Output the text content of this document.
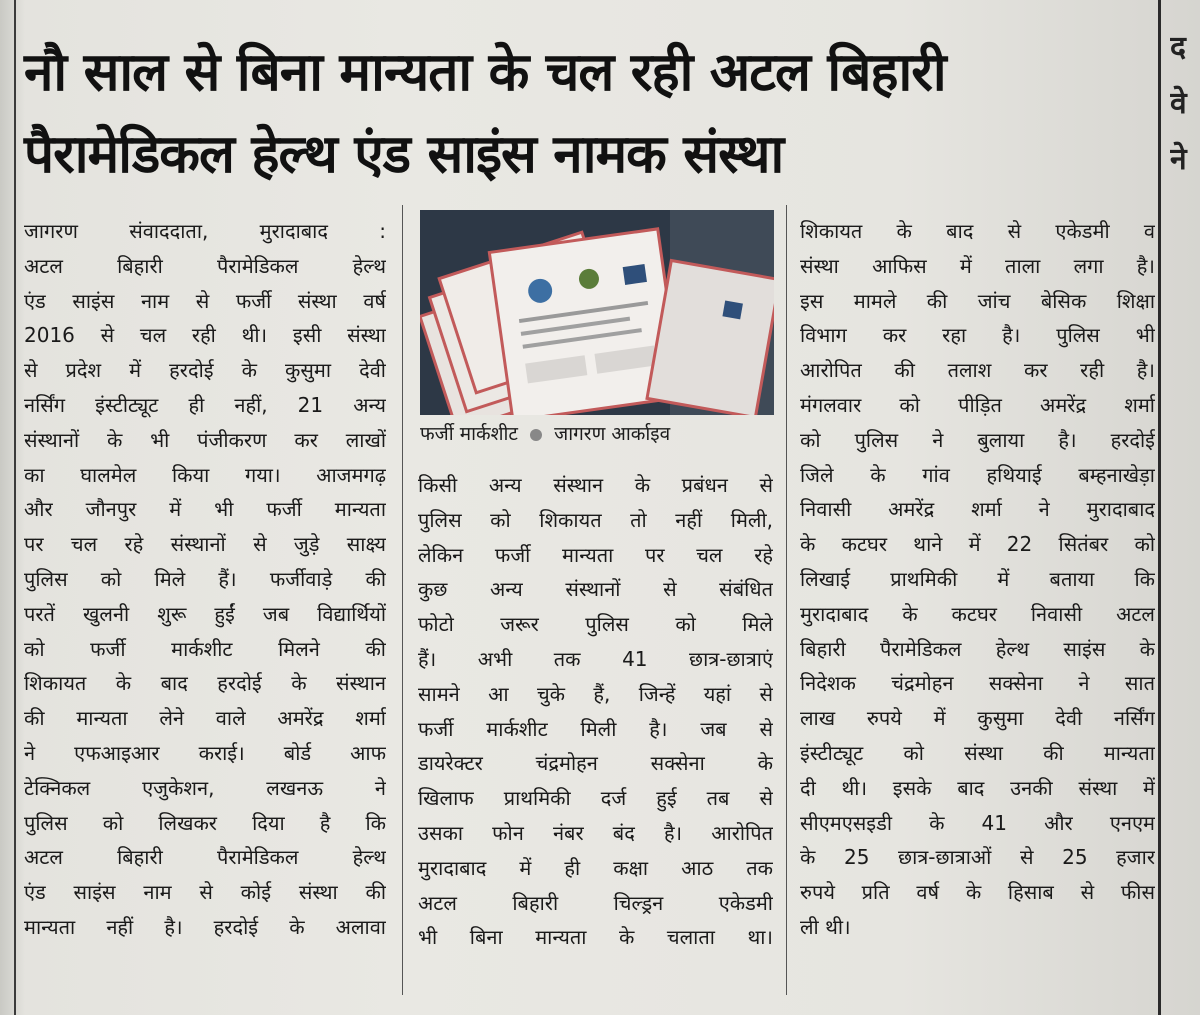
नौ साल से बिना मान्यता के चल रही अटल बिहारी
पैरामेडिकल हेल्थ एंड साइंस नामक संस्था
जागरण संवाददाता, मुरादाबाद :
अटल बिहारी पैरामेडिकल हेल्थ
एंड साइंस नाम से फर्जी संस्था वर्ष
2016 से चल रही थी। इसी संस्था
से प्रदेश में हरदोई के कुसुमा देवी
नर्सिंग इंस्टीट्यूट ही नहीं, 21 अन्य
संस्थानों के भी पंजीकरण कर लाखों
का घालमेल किया गया। आजमगढ़
और जौनपुर में भी फर्जी मान्यता
पर चल रहे संस्थानों से जुड़े साक्ष्य
पुलिस को मिले हैं। फर्जीवाड़े की
परतें खुलनी शुरू हुईं जब विद्यार्थियों
को फर्जी मार्कशीट मिलने की
शिकायत के बाद हरदोई के संस्थान
की मान्यता लेने वाले अमरेंद्र शर्मा
ने एफआइआर कराई। बोर्ड आफ
टेक्निकल एजुकेशन, लखनऊ ने
पुलिस को लिखकर दिया है कि
अटल बिहारी पैरामेडिकल हेल्थ
एंड साइंस नाम से कोई संस्था की
मान्यता नहीं है। हरदोई के अलावा
फर्जी मार्कशीट जागरण आर्काइव
किसी अन्य संस्थान के प्रबंधन से
पुलिस को शिकायत तो नहीं मिली,
लेकिन फर्जी मान्यता पर चल रहे
कुछ अन्य संस्थानों से संबंधित
फोटो जरूर पुलिस को मिले
हैं। अभी तक 41 छात्र-छात्राएं
सामने आ चुके हैं, जिन्हें यहां से
फर्जी मार्कशीट मिली है। जब से
डायरेक्टर चंद्रमोहन सक्सेना के
खिलाफ प्राथमिकी दर्ज हुई तब से
उसका फोन नंबर बंद है। आरोपित
मुरादाबाद में ही कक्षा आठ तक
अटल बिहारी चिल्ड्रन एकेडमी
भी बिना मान्यता के चलाता था।
शिकायत के बाद से एकेडमी व
संस्था आफिस में ताला लगा है।
इस मामले की जांच बेसिक शिक्षा
विभाग कर रहा है। पुलिस भी
आरोपित की तलाश कर रही है।
मंगलवार को पीड़ित अमरेंद्र शर्मा
को पुलिस ने बुलाया है। हरदोई
जिले के गांव हथियाई बम्हनाखेड़ा
निवासी अमरेंद्र शर्मा ने मुरादाबाद
के कटघर थाने में 22 सितंबर को
लिखाई प्राथमिकी में बताया कि
मुरादाबाद के कटघर निवासी अटल
बिहारी पैरामेडिकल हेल्थ साइंस के
निदेशक चंद्रमोहन सक्सेना ने सात
लाख रुपये में कुसुमा देवी नर्सिंग
इंस्टीट्यूट को संस्था की मान्यता
दी थी। इसके बाद उनकी संस्था में
सीएमएसइडी के 41 और एनएम
के 25 छात्र-छात्राओं से 25 हजार
रुपये प्रति वर्ष के हिसाब से फीस
ली थी।
द
वे
ने
